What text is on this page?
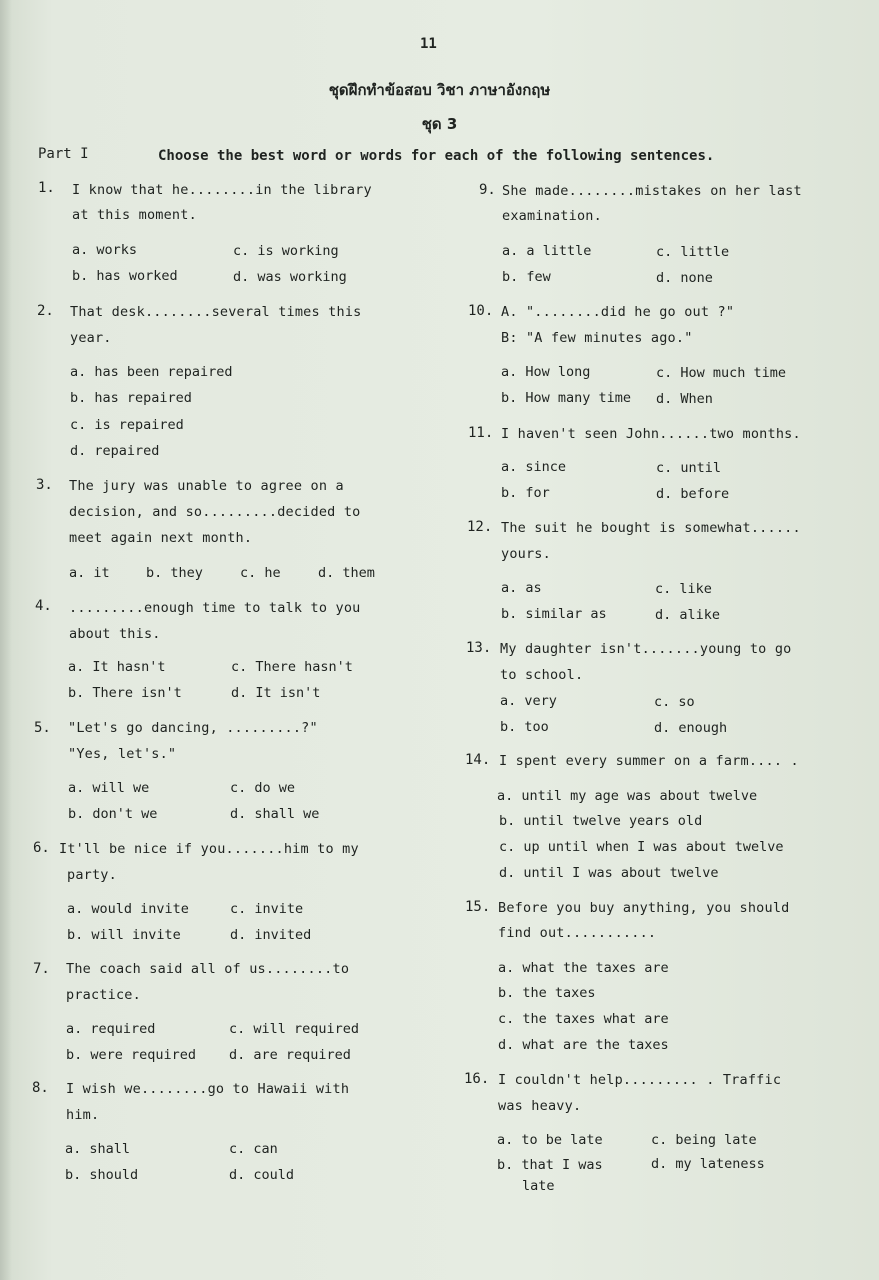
11
ชุดฝึกทำข้อสอบ วิชา ภาษาอังกฤษ
ชุด 3
Part I	Choose the best word or words for each of the following sentences.
1. I know that he........in the library
at this moment.
a. works	c. is working
b. has worked	d. was working
2. That desk........several times this
year.
a. has been repaired
b. has repaired
c. is repaired
d. repaired
3. The jury was unable to agree on a
decision, and so.........decided to
meet again next month.
a. it	b. they	c. he	d. them
4. .........enough time to talk to you
about this.
a. It hasn't	c. There hasn't
b. There isn't	d. It isn't
5. "Let's go dancing, .........?"
"Yes, let's."
a. will we	c. do we
b. don't we	d. shall we
6. It'll be nice if you.......him to my
party.
a. would invite	c. invite
b. will invite	d. invited
7. The coach said all of us........to
practice.
a. required	c. will required
b. were required d. are required
8. I wish we........go to Hawaii with
him.
a. shall	c. can
b. should	d. could
9. She made........mistakes on her last
examination.
a. a little	c. little
b. few	d. none
10. A. "........did he go out ?"
B: "A few minutes ago."
a. How long	c. How much time
b. How many time d. When
11. I haven't seen John......two months.
a. since	c. until
b. for	d. before
12. The suit he bought is somewhat......
yours.
a. as	c. like
b. similar as	d. alike
13. My daughter isn't.......young to go
to school.
a. very	c. so
b. too	d. enough
14. I spent every summer on a farm.... .
a. until my age was about twelve
b. until twelve years old
c. up until when I was about twelve
d. until I was about twelve
15. Before you buy anything, you should
find out...........
a. what the taxes are
b. the taxes
c. the taxes what are
d. what are the taxes
16. I couldn't help......... . Traffic
was heavy.
a. to be late	c. being late
b. that I was	d. my lateness
late
